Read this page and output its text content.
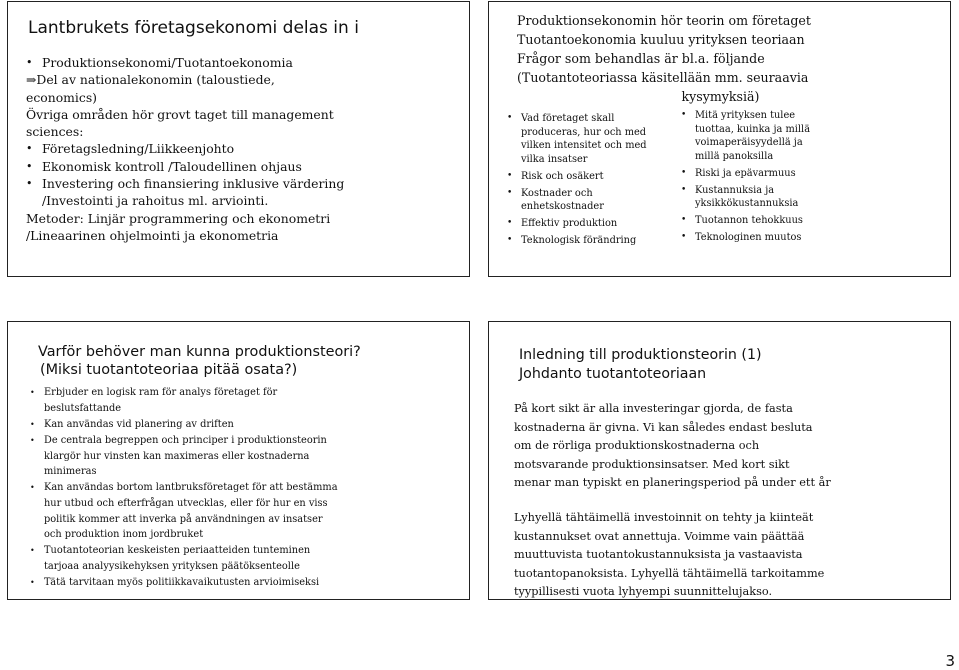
Lantbrukets företagsekonomi delas in i
• Produktionsekonomi/Tuotantoekonomia
⇒Del av nationalekonomin (taloustiede,
economics)
Övriga områden hör grovt taget till management
sciences:
• Företagsledning/Liikkeenjohto
• Ekonomisk kontroll /Taloudellinen ohjaus
• Investering och finansiering inklusive värdering
/Investointi ja rahoitus ml. arviointi.
Metoder: Linjär programmering och ekonometri
/Lineaarinen ohjelmointi ja ekonometria
Produktionsekonomin hör teorin om företaget
Tuotantoekonomia kuuluu yrityksen teoriaan
Frågor som behandlas är bl.a. följande
(Tuotantoteoriassa käsitellään mm. seuraavia
kysymyksiä)
• Vad företaget skall
produceras, hur och med
vilken intensitet och med
vilka insatser
• Risk och osäkert
• Kostnader och
enhetskostnader
• Effektiv produktion
• Teknologisk förändring
• Mitä yrityksen tulee
tuottaa, kuinka ja millä
voimaperäisyydellä ja
millä panoksilla
• Riski ja epävarmuus
• Kustannuksia ja
yksikkökustannuksia
• Tuotannon tehokkuus
• Teknologinen muutos
Varför behöver man kunna produktionsteori?
(Miksi tuotantoteoriaa pitää osata?)
• Erbjuder en logisk ram för analys företaget för
beslutsfattande
• Kan användas vid planering av driften
• De centrala begreppen och principer i produktionsteorin
klargör hur vinsten kan maximeras eller kostnaderna
minimeras
• Kan användas bortom lantbruksföretaget för att bestämma
hur utbud och efterfrågan utvecklas, eller för hur en viss
politik kommer att inverka på användningen av insatser
och produktion inom jordbruket
• Tuotantoteorian keskeisten periaatteiden tunteminen
tarjoaa analyysikehyksen yrityksen päätöksenteolle
• Tätä tarvitaan myös politiikkavaikutusten arvioimiseksi
Inledning till produktionsteorin (1)
Johdanto tuotantoteoriaan
På kort sikt är alla investeringar gjorda, de fasta
kostnaderna är givna. Vi kan således endast besluta
om de rörliga produktionskostnaderna och
motsvarande produktionsinsatser. Med kort sikt
menar man typiskt en planeringsperiod på under ett år
Lyhyellä tähtäimellä investoinnit on tehty ja kiinteät
kustannukset ovat annettuja. Voimme vain päättää
muuttuvista tuotantokustannuksista ja vastaavista
tuotantopanoksista. Lyhyellä tähtäimellä tarkoitamme
tyypillisesti vuota lyhyempi suunnittelujakso.
3
